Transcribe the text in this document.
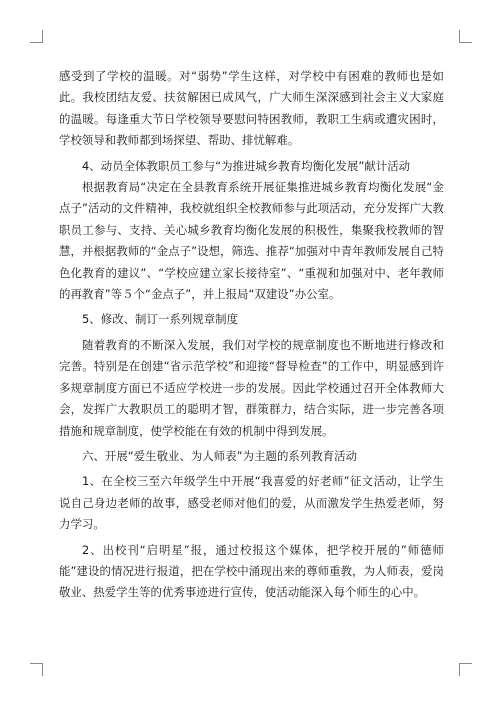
感受到了学校的温暖。对“弱势”学生这样，对学校中有困难的教师也是如此。我校团结友爱、扶贫解困已成风气，广大师生深深感到社会主义大家庭的温暖。每逢重大节日学校领导要慰问特困教师，教职工生病或遭灾困时，学校领导和教师都到场探望、帮助、排忧解难。

4、动员全体教职员工参与“为推进城乡教育均衡化发展”献计活动

根据教育局“决定在全县教育系统开展征集推进城乡教育均衡化发展“金点子”活动的文件精神，我校就组织全校教师参与此项活动，充分发挥广大教职员工参与、支持、关心城乡教育均衡化发展的积极性，集聚我校教师的智慧，并根据教师的“金点子”设想，筛选、推荐“加强对中青年教师发展自己特色化教育的建议”、“学校应建立家长接待室”、“重视和加强对中、老年教师的再教育”等５个“金点子”，并上报局“双建设”办公室。

5、修改、制订一系列规章制度

随着教育的不断深入发展，我们对学校的规章制度也不断地进行修改和完善。特别是在创建“省示范学校”和迎接“督导检查”的工作中，明显感到许多规章制度方面已不适应学校进一步的发展。因此学校通过召开全体教师大会，发挥广大教职员工的聪明才智，群策群力，结合实际，进一步完善各项措施和规章制度，使学校能在有效的机制中得到发展。

六、开展“爱生敬业、为人师表”为主题的系列教育活动

1、在全校三至六年级学生中开展“我喜爱的好老师”征文活动，让学生说自己身边老师的故事，感受老师对他们的爱，从而激发学生热爱老师，努力学习。

2、出校刊“启明星”报，通过校报这个媒体，把学校开展的”师德师能”建设的情况进行报道，把在学校中涌现出来的尊师重教，为人师表，爱岗敬业、热爱学生等的优秀事迹进行宣传，使活动能深入每个师生的心中。
